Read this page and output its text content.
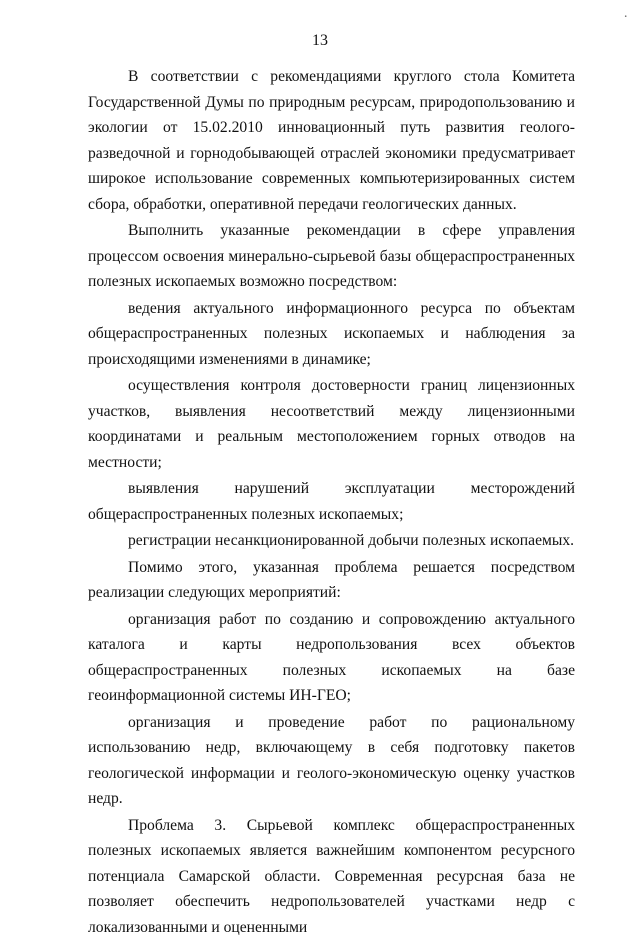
·
13

В соответствии с рекомендациями круглого стола Комитета Государственной Думы по природным ресурсам, природопользованию и экологии от 15.02.2010 инновационный путь развития геолого-разведочной и горнодобывающей отраслей экономики предусматривает широкое использование современных компьютеризированных систем сбора, обработки, оперативной передачи геологических данных.

Выполнить указанные рекомендации в сфере управления процессом освоения минерально-сырьевой базы общераспространенных полезных ископаемых возможно посредством:

ведения актуального информационного ресурса по объектам общераспространенных полезных ископаемых и наблюдения за происходящими изменениями в динамике;

осуществления контроля достоверности границ лицензионных участков, выявления несоответствий между лицензионными координатами и реальным местоположением горных отводов на местности;

выявления нарушений эксплуатации месторождений общераспространенных полезных ископаемых;

регистрации несанкционированной добычи полезных ископаемых.

Помимо этого, указанная проблема решается посредством реализации следующих мероприятий:

организация работ по созданию и сопровождению актуального каталога и карты недропользования всех объектов общераспространенных полезных ископаемых на базе геоинформационной системы ИН-ГЕО;

организация и проведение работ по рациональному использованию недр, включающему в себя подготовку пакетов геологической информации и геолого-экономическую оценку участков недр.

Проблема 3. Сырьевой комплекс общераспространенных полезных ископаемых является важнейшим компонентом ресурсного потенциала Самарской области. Современная ресурсная база не позволяет обеспечить недропользователей участками недр с локализованными и оцененными
